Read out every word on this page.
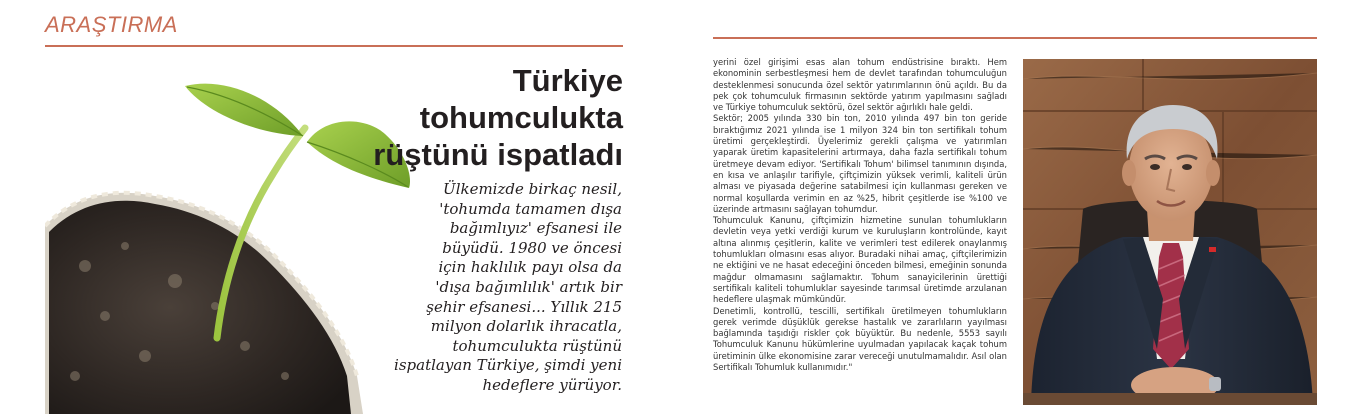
ARAŞTIRMA
Türkiye
tohumculukta
rüştünü ispatladı

Ülkemizde birkaç nesil,
'tohumda tamamen dışa
bağımlıyız' efsanesi ile
büyüdü. 1980 ve öncesi
için haklılık payı olsa da
'dışa bağımlılık' artık bir
şehir efsanesi... Yıllık 215
milyon dolarlık ihracatla,
tohumculukta rüştünü
ispatlayan Türkiye, şimdi yeni
hedeflere yürüyor.

yerini özel girişimi esas alan tohum endüstrisine bıraktı. Hem ekonominin serbestleşmesi hem de devlet tarafından tohumculuğun desteklenmesi sonucunda özel sektör yatırımlarının önü açıldı. Bu da pek çok tohumculuk firmasının sektörde yatırım yapılmasını sağladı ve Türkiye tohumculuk sektörü, özel sektör ağırlıklı hale geldi.

Sektör; 2005 yılında 330 bin ton, 2010 yılında 497 bin ton geride bıraktığımız 2021 yılında ise 1 milyon 324 bin ton sertifikalı tohum üretimi gerçekleştirdi. Üyelerimiz gerekli çalışma ve yatırımları yaparak üretim kapasitelerini artırmaya, daha fazla sertifikalı tohum üretmeye devam ediyor. 'Sertifikalı Tohum' bilimsel tanımının dışında, en kısa ve anlaşılır tarifiyle, çiftçimizin yüksek verimli, kaliteli ürün alması ve piyasada değerine satabilmesi için kullanması gereken ve normal koşullarda verimin en az %25, hibrit çeşitlerde ise %100 ve üzerinde artmasını sağlayan tohumdur.

Tohumculuk Kanunu, çiftçimizin hizmetine sunulan tohumlukların devletin veya yetki verdiği kurum ve kuruluşların kontrolünde, kayıt altına alınmış çeşitlerin, kalite ve verimleri test edilerek onaylanmış tohumlukları olmasını esas alıyor. Buradaki nihai amaç, çiftçilerimizin ne ektiğini ve ne hasat edeceğini önceden bilmesi, emeğinin sonunda mağdur olmamasını sağlamaktır. Tohum sanayicilerinin ürettiği sertifikalı kaliteli tohumluklar sayesinde tarımsal üretimde arzulanan hedeflere ulaşmak mümkündür.

Denetimli, kontrollü, tescilli, sertifikalı üretilmeyen tohumlukların gerek verimde düşüklük gerekse hastalık ve zararlıların yayılması bağlamında taşıdığı riskler çok büyüktür. Bu nedenle, 5553 sayılı Tohumculuk Kanunu hükümlerine uyulmadan yapılacak kaçak tohum üretiminin ülke ekonomisine zarar vereceği unutulmamalıdır. Asıl olan Sertifikalı Tohumluk kullanımıdır."
